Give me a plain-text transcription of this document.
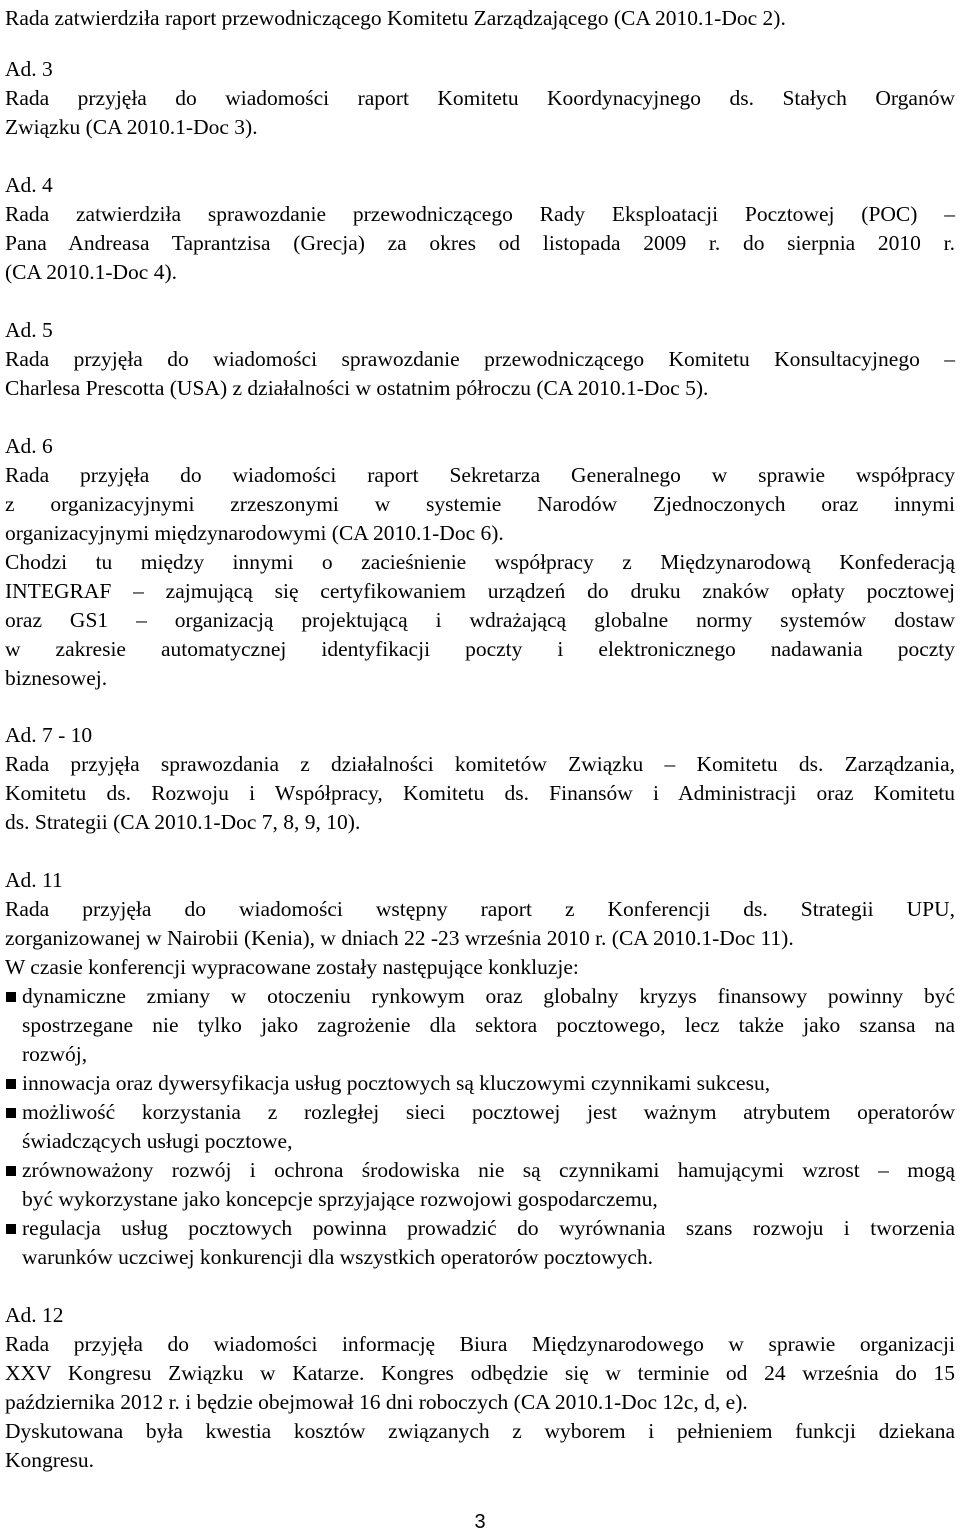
Rada zatwierdziła raport przewodniczącego Komitetu Zarządzającego (CA 2010.1-Doc 2).
Ad. 3
Rada przyjęła do wiadomości raport Komitetu Koordynacyjnego ds. Stałych Organów
Związku (CA 2010.1-Doc 3).
Ad. 4
Rada zatwierdziła sprawozdanie przewodniczącego Rady Eksploatacji Pocztowej (POC) –
Pana Andreasa Taprantzisa (Grecja) za okres od listopada 2009 r. do sierpnia 2010 r.
(CA 2010.1-Doc 4).
Ad. 5
Rada przyjęła do wiadomości sprawozdanie przewodniczącego Komitetu Konsultacyjnego –
Charlesa Prescotta (USA) z działalności w ostatnim półroczu (CA 2010.1-Doc 5).
Ad. 6
Rada przyjęła do wiadomości raport Sekretarza Generalnego w sprawie współpracy
z organizacyjnymi zrzeszonymi w systemie Narodów Zjednoczonych oraz innymi
organizacyjnymi międzynarodowymi (CA 2010.1-Doc 6).
Chodzi tu między innymi o zacieśnienie współpracy z Międzynarodową Konfederacją
INTEGRAF – zajmującą się certyfikowaniem urządzeń do druku znaków opłaty pocztowej
oraz GS1 – organizacją projektującą i wdrażającą globalne normy systemów dostaw
w zakresie automatycznej identyfikacji poczty i elektronicznego nadawania poczty
biznesowej.
Ad. 7 - 10
Rada przyjęła sprawozdania z działalności komitetów Związku – Komitetu ds. Zarządzania,
Komitetu ds. Rozwoju i Współpracy, Komitetu ds. Finansów i Administracji oraz Komitetu
ds. Strategii (CA 2010.1-Doc 7, 8, 9, 10).
Ad. 11
Rada przyjęła do wiadomości wstępny raport z Konferencji ds. Strategii UPU,
zorganizowanej w Nairobii (Kenia), w dniach 22 -23 września 2010 r. (CA 2010.1-Doc 11).
W czasie konferencji wypracowane zostały następujące konkluzje:
dynamiczne zmiany w otoczeniu rynkowym oraz globalny kryzys finansowy powinny być
spostrzegane nie tylko jako zagrożenie dla sektora pocztowego, lecz także jako szansa na
rozwój,
innowacja oraz dywersyfikacja usług pocztowych są kluczowymi czynnikami sukcesu,
możliwość korzystania z rozległej sieci pocztowej jest ważnym atrybutem operatorów
świadczących usługi pocztowe,
zrównoważony rozwój i ochrona środowiska nie są czynnikami hamującymi wzrost – mogą
być wykorzystane jako koncepcje sprzyjające rozwojowi gospodarczemu,
regulacja usług pocztowych powinna prowadzić do wyrównania szans rozwoju i tworzenia
warunków uczciwej konkurencji dla wszystkich operatorów pocztowych.
Ad. 12
Rada przyjęła do wiadomości informację Biura Międzynarodowego w sprawie organizacji
XXV Kongresu Związku w Katarze. Kongres odbędzie się w terminie od 24 września do 15
października 2012 r. i będzie obejmował 16 dni roboczych (CA 2010.1-Doc 12c, d, e).
Dyskutowana była kwestia kosztów związanych z wyborem i pełnieniem funkcji dziekana
Kongresu.
3
